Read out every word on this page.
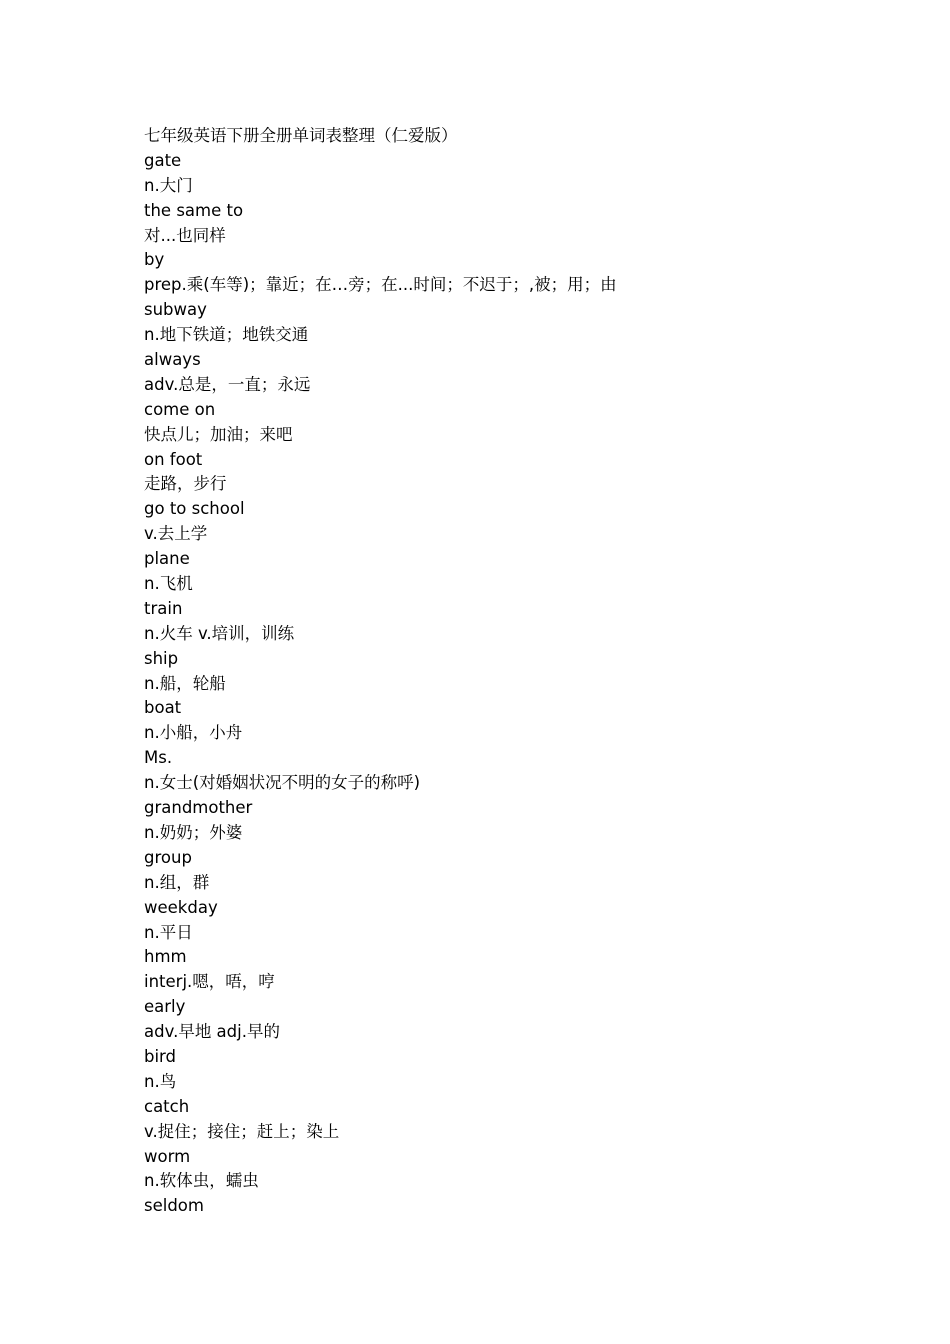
七年级英语下册全册单词表整理（仁爱版）
gate
n.大门
the same to
对...也同样
by
prep.乘(车等)；靠近；在…旁；在...时间；不迟于；,被；用；由
subway
n.地下铁道；地铁交通
always
adv.总是，一直；永远
come on
快点儿；加油；来吧
on foot
走路，步行
go to school
v.去上学
plane
n.飞机
train
n.火车 v.培训，训练
ship
n.船，轮船
boat
n.小船，小舟
Ms.
n.女士(对婚姻状况不明的女子的称呼)
grandmother
n.奶奶；外婆
group
n.组，群
weekday
n.平日
hmm
interj.嗯，唔，哼
early
adv.早地 adj.早的
bird
n.鸟
catch
v.捉住；接住；赶上；染上
worm
n.软体虫，蠕虫
seldom
